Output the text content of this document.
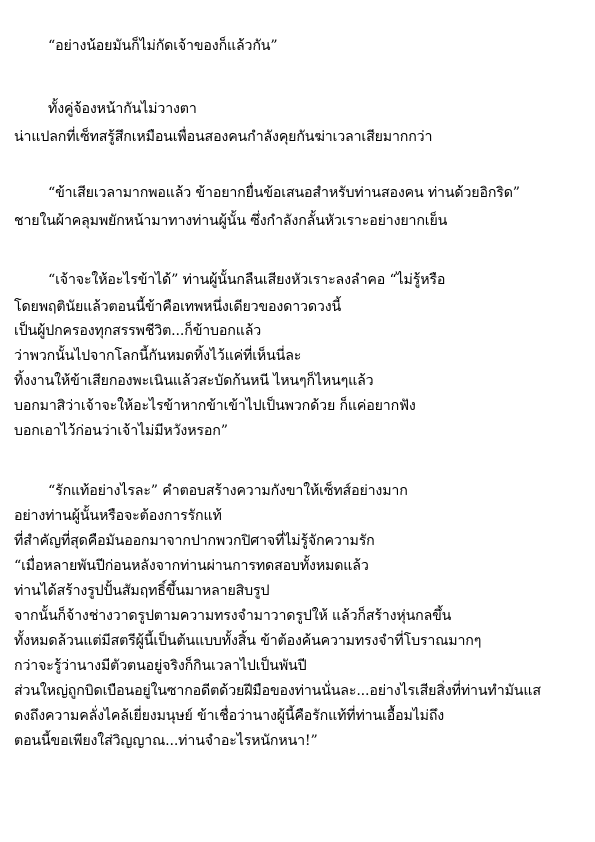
“อย่างน้อยมันก็ไม่กัดเจ้าของก็แล้วกัน”
ทั้งคู่จ้องหน้ากันไม่วางตา
น่าแปลกที่เซ็ทสรู้สึกเหมือนเพื่อนสองคนกำลังคุยกันฆ่าเวลาเสียมากกว่า
“ข้าเสียเวลามากพอแล้ว ข้าอยากยื่นข้อเสนอสำหรับท่านสองคน ท่านด้วยอิกริด”
ชายในผ้าคลุมพยักหน้ามาทางท่านผู้นั้น ซึ่งกำลังกลั้นหัวเราะอย่างยากเย็น
“เจ้าจะให้อะไรข้าได้” ท่านผู้นั้นกลืนเสียงหัวเราะลงลำคอ “ไม่รู้หรือ
โดยพฤตินัยแล้วตอนนี้ข้าคือเทพหนึ่งเดียวของดาวดวงนี้
เป็นผู้ปกครองทุกสรรพชีวิต...ก็ข้าบอกแล้ว
ว่าพวกนั้นไปจากโลกนี้กันหมดทิ้งไว้แค่ที่เห็นนี่ละ
ทิ้งงานให้ข้าเสียกองพะเนินแล้วสะบัดก้นหนี ไหนๆก็ไหนๆแล้ว
บอกมาสิว่าเจ้าจะให้อะไรข้าหากข้าเข้าไปเป็นพวกด้วย ก็แค่อยากฟัง
บอกเอาไว้ก่อนว่าเจ้าไม่มีหวังหรอก”
“รักแท้อย่างไรละ” คำตอบสร้างความกังขาให้เซ็ทส์อย่างมาก
อย่างท่านผู้นั้นหรือจะต้องการรักแท้
ที่สำคัญที่สุดคือมันออกมาจากปากพวกปิศาจที่ไม่รู้จักความรัก
“เมื่อหลายพันปีก่อนหลังจากท่านผ่านการทดสอบทั้งหมดแล้ว
ท่านได้สร้างรูปปั้นสัมฤทธิ์ขึ้นมาหลายสิบรูป
จากนั้นก็จ้างช่างวาดรูปตามความทรงจำมาวาดรูปให้ แล้วก็สร้างหุ่นกลขึ้น
ทั้งหมดล้วนแต่มีสตรีผู้นี้เป็นต้นแบบทั้งสิ้น ข้าต้องค้นความทรงจำที่โบราณมากๆ
กว่าจะรู้ว่านางมีตัวตนอยู่จริงก็กินเวลาไปเป็นพันปี
ส่วนใหญ่ถูกบิดเบือนอยู่ในซากอดีตด้วยฝีมือของท่านนั่นละ...อย่างไรเสียสิ่งที่ท่านทำมันแส
ดงถึงความคลั่งไคล้เยี่ยงมนุษย์ ข้าเชื่อว่านางผู้นี้คือรักแท้ที่ท่านเอื้อมไม่ถึง
ตอนนี้ขอเพียงใส่วิญญาณ...ท่านจำอะไรหนักหนา!”
